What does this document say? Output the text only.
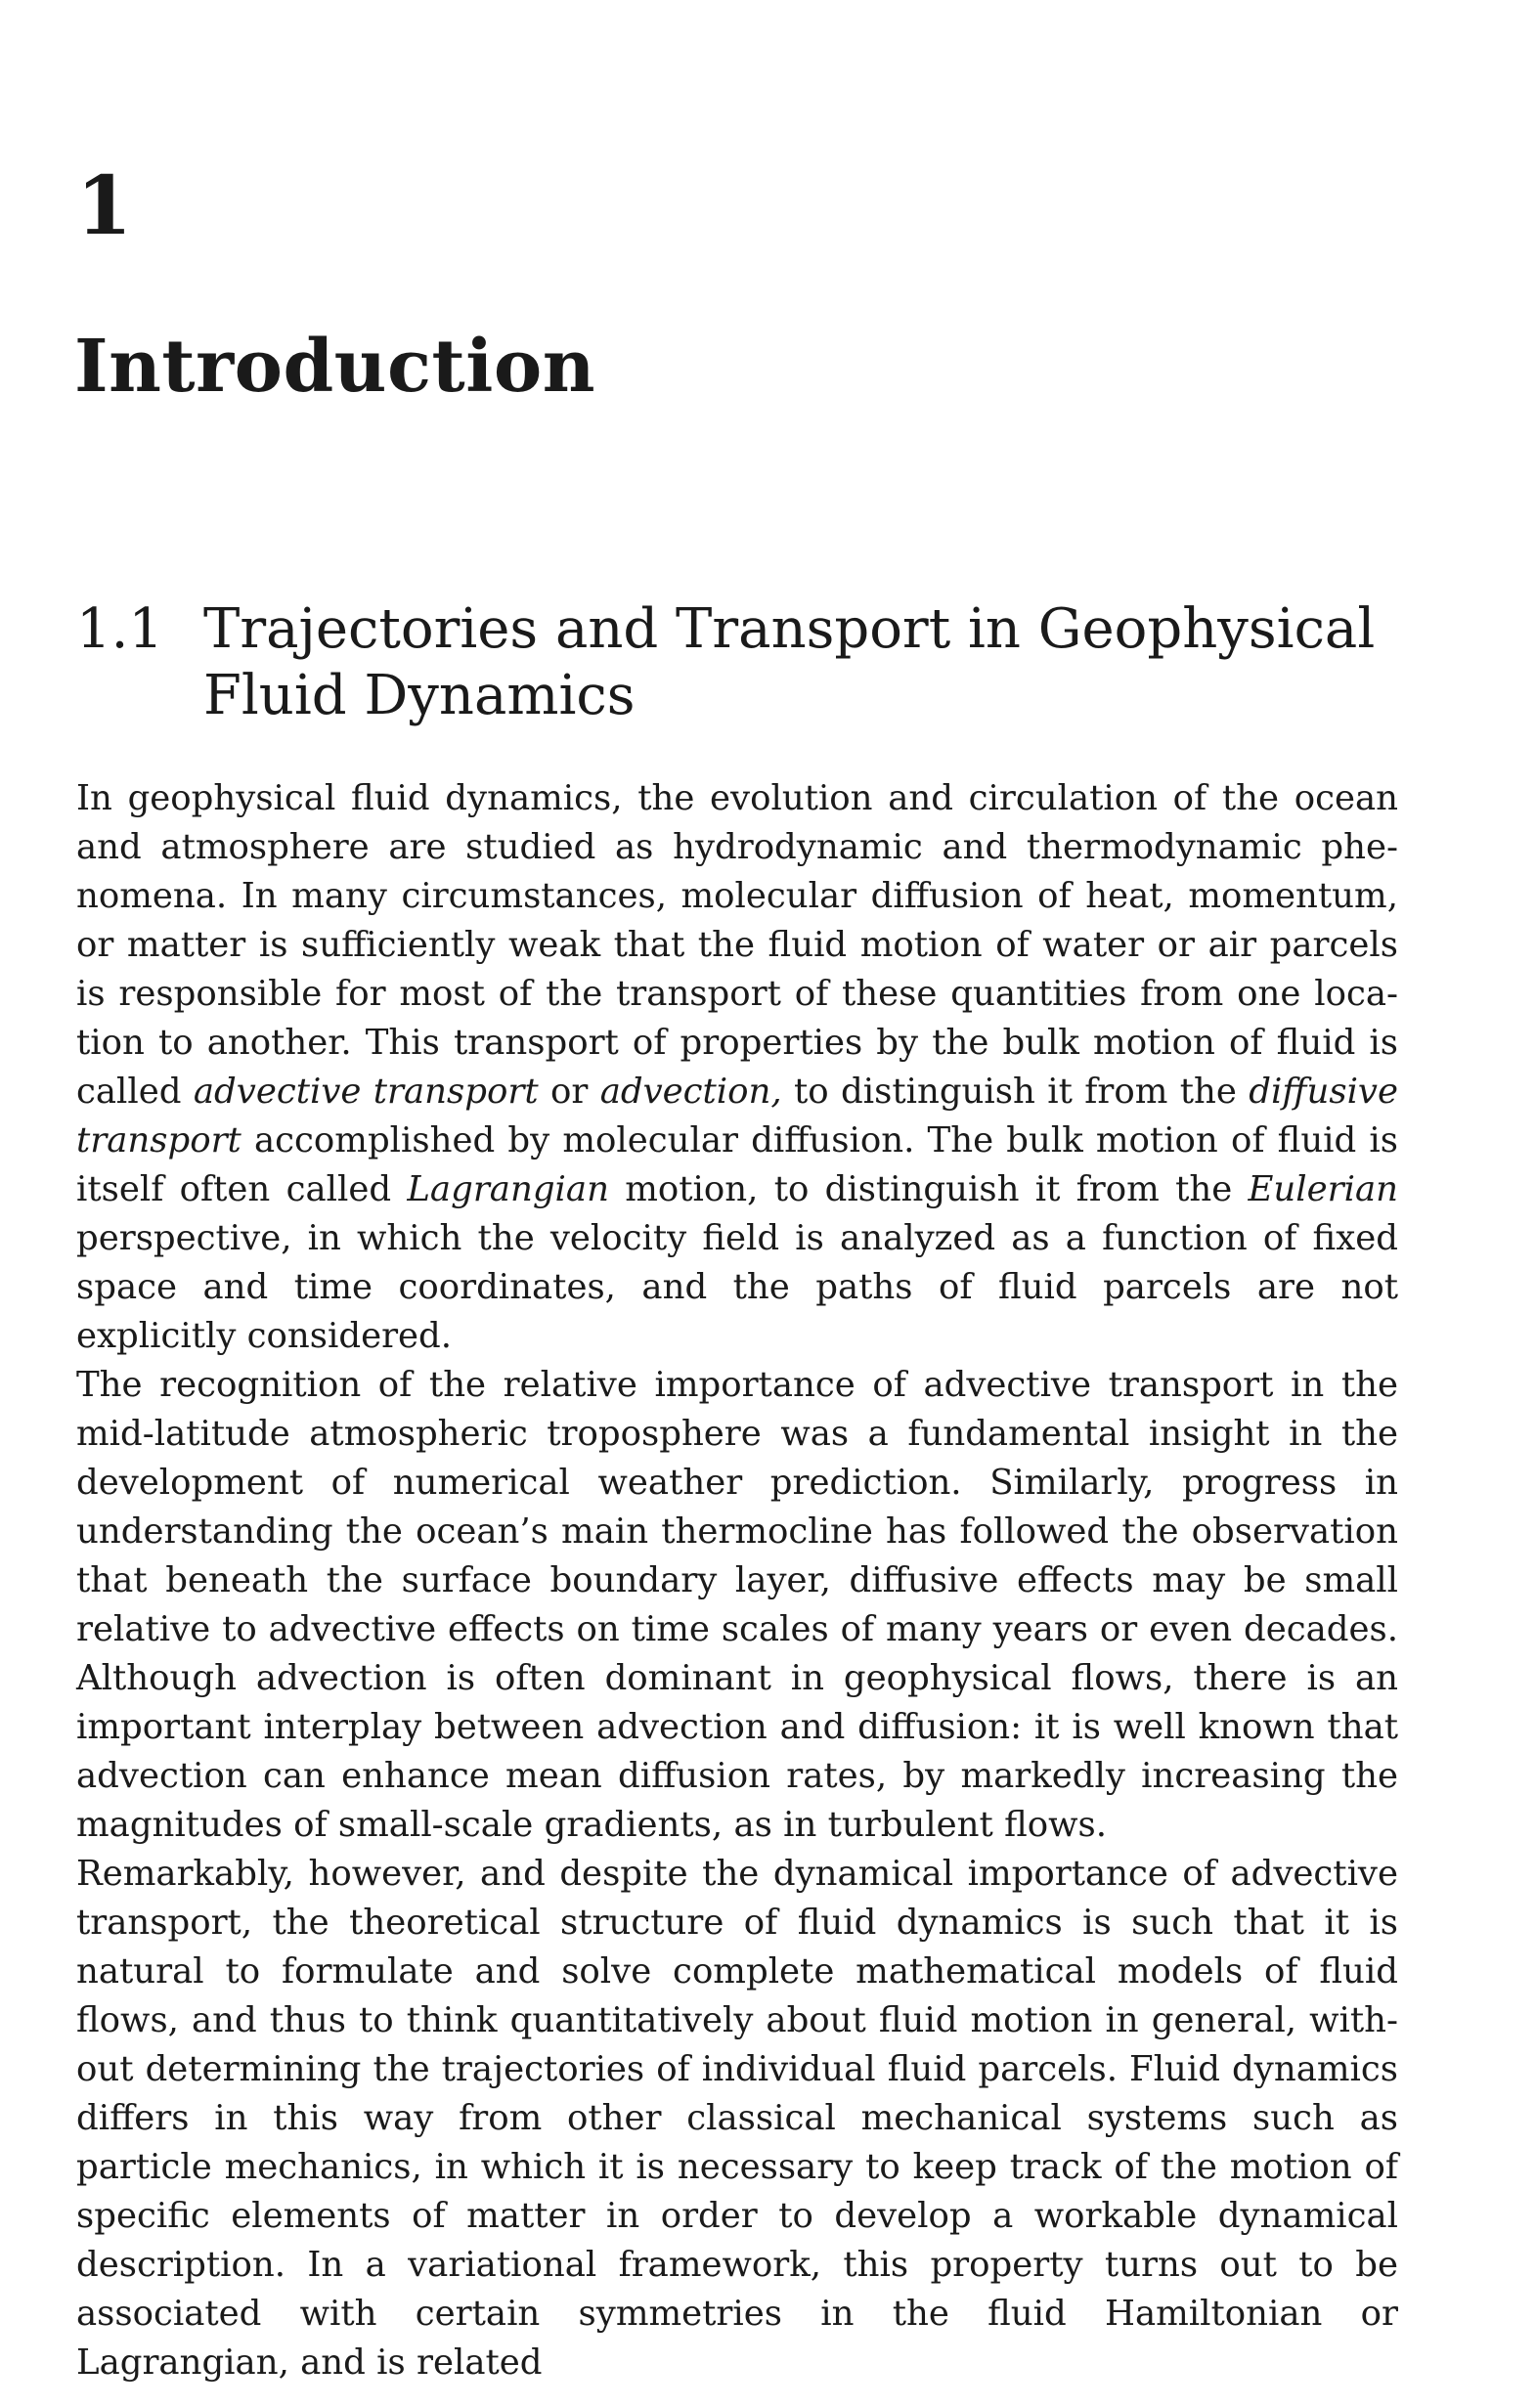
1
Introduction
1.1 Trajectories and Transport in Geophysical
Fluid Dynamics

In geophysical fluid dynamics, the evolution and circulation of the ocean and atmosphere are studied as hydrodynamic and thermodynamic phenomena. In many circumstances, molecular diffusion of heat, momentum, or matter is sufficiently weak that the fluid motion of water or air parcels is responsible for most of the transport of these quantities from one location to another. This transport of properties by the bulk motion of fluid is called advective transport or advection, to distinguish it from the diffusive transport accomplished by molecular diffusion. The bulk motion of fluid is itself often called Lagrangian motion, to distinguish it from the Eulerian perspective, in which the velocity field is analyzed as a function of fixed space and time coordinates, and the paths of fluid parcels are not explicitly considered.

The recognition of the relative importance of advective transport in the mid-latitude atmospheric troposphere was a fundamental insight in the development of numerical weather prediction. Similarly, progress in understanding the ocean’s main thermocline has followed the observation that beneath the surface boundary layer, diffusive effects may be small relative to advective effects on time scales of many years or even decades. Although advection is often dominant in geophysical flows, there is an important interplay between advection and diffusion: it is well known that advection can enhance mean diffusion rates, by markedly increasing the magnitudes of small-scale gradients, as in turbulent flows.

Remarkably, however, and despite the dynamical importance of advective transport, the theoretical structure of fluid dynamics is such that it is natural to formulate and solve complete mathematical models of fluid flows, and thus to think quantitatively about fluid motion in general, without determining the trajectories of individual fluid parcels. Fluid dynamics differs in this way from other classical mechanical systems such as particle mechanics, in which it is necessary to keep track of the motion of specific elements of matter in order to develop a workable dynamical description. In a variational framework, this property turns out to be associated with certain symmetries in the fluid Hamiltonian or Lagrangian, and is related
